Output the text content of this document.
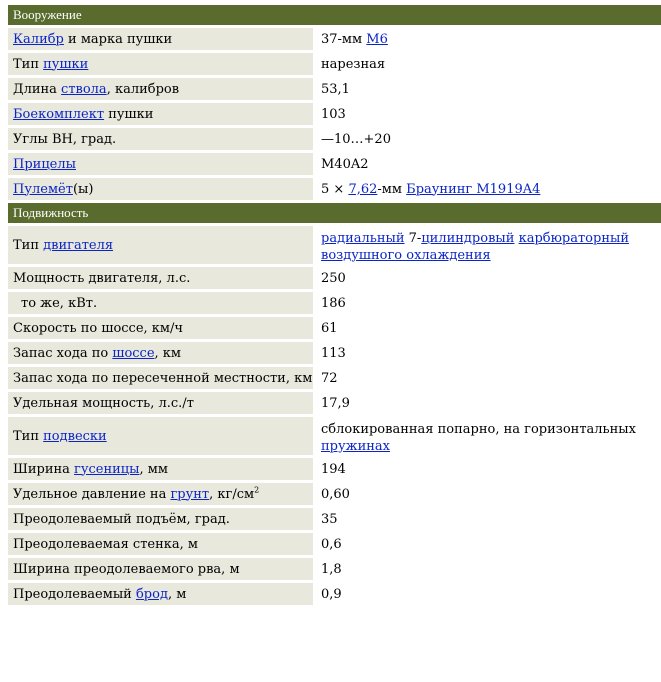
Вооружение
Калибр и марка пушки	37-мм M6
Тип пушки	нарезная
Длина ствола, калибров	53,1
Боекомплект пушки	103
Углы ВН, град.	—10…+20
Прицелы	M40A2
Пулемёт(ы)	5 × 7,62-мм Браунинг M1919A4
Подвижность
Тип двигателя	радиальный 7-цилиндровый карбюраторный
воздушного охлаждения
Мощность двигателя, л.с.	250
то же, кВт.	186
Скорость по шоссе, км/ч	61
Запас хода по шоссе, км	113
Запас хода по пересеченной местности, км 72
Удельная мощность, л.с./т	17,9
Тип подвески	сблокированная попарно, на горизонтальных
пружинах
Ширина гусеницы, мм	194
Удельное давление на грунт, $кг/см^2$	0,60
Преодолеваемый подъём, град.	35
Преодолеваемая стенка, м	0,6
Ширина преодолеваемого рва, м	1,8
Преодолеваемый брод, м	0,9
